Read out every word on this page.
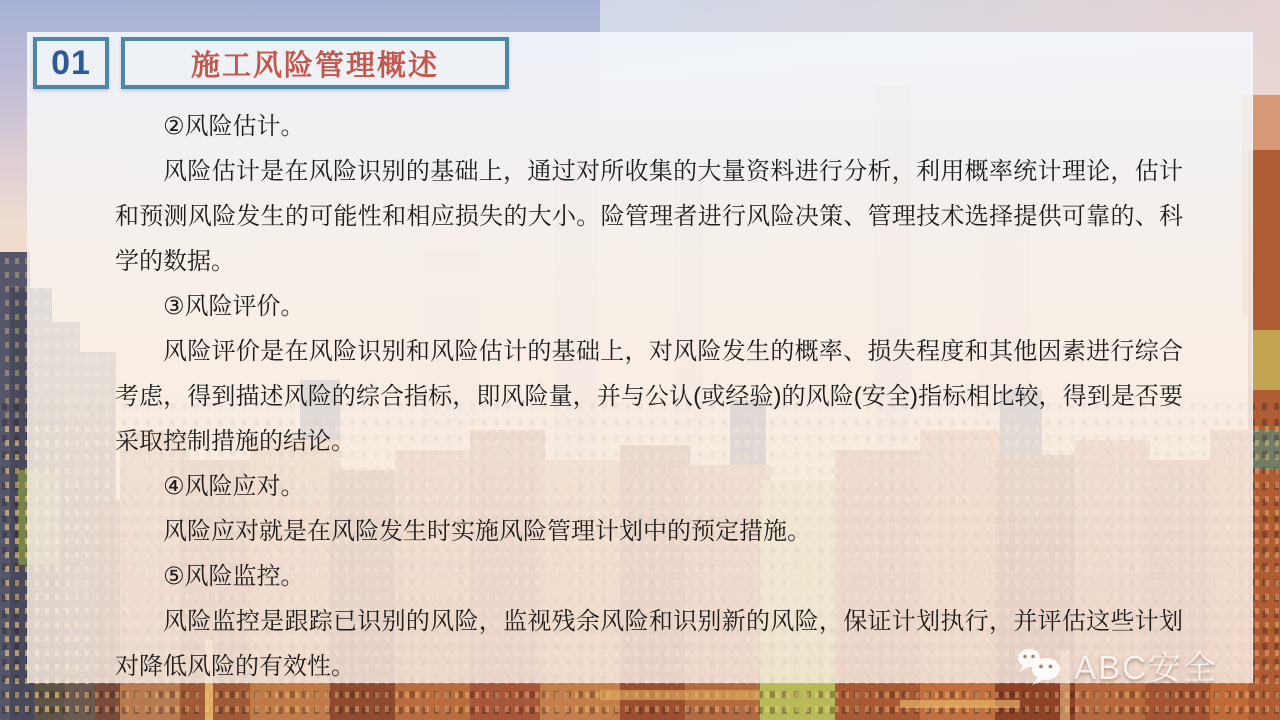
01	施工风险管理概述

②风险估计。

风险估计是在风险识别的基础上，通过对所收集的大量资料进行分析，利用概率统计理论，估计和预测风险发生的可能性和相应损失的大小。险管理者进行风险决策、管理技术选择提供可靠的、科学的数据。

③风险评价。

风险评价是在风险识别和风险估计的基础上，对风险发生的概率、损失程度和其他因素进行综合考虑，得到描述风险的综合指标，即风险量，并与公认(或经验)的风险(安全)指标相比较，得到是否要采取控制措施的结论。

④风险应对。

风险应对就是在风险发生时实施风险管理计划中的预定措施。

⑤风险监控。

风险监控是跟踪已识别的风险，监视残余风险和识别新的风险，保证计划执行，并评估这些计划对降低风险的有效性。	ABC安全
